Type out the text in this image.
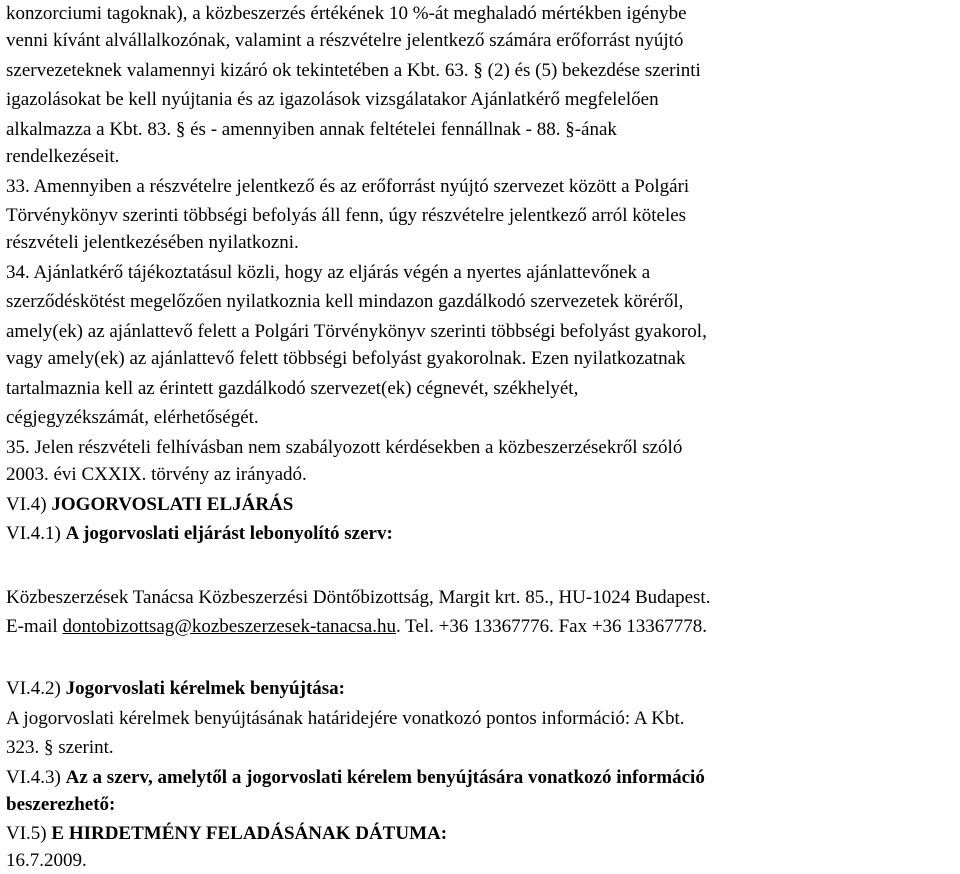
konzorciumi tagoknak), a közbeszerzés értékének 10 %-át meghaladó mértékben igénybe
venni kívánt alvállalkozónak, valamint a részvételre jelentkező számára erőforrást nyújtó
szervezeteknek valamennyi kizáró ok tekintetében a Kbt. 63. § (2) és (5) bekezdése szerinti
igazolásokat be kell nyújtania és az igazolások vizsgálatakor Ajánlatkérő megfelelően
alkalmazza a Kbt. 83. § és - amennyiben annak feltételei fennállnak - 88. §-ának
rendelkezéseit.
33. Amennyiben a részvételre jelentkező és az erőforrást nyújtó szervezet között a Polgári
Törvénykönyv szerinti többségi befolyás áll fenn, úgy részvételre jelentkező arról köteles
részvételi jelentkezésében nyilatkozni.
34. Ajánlatkérő tájékoztatásul közli, hogy az eljárás végén a nyertes ajánlattevőnek a
szerződéskötést megelőzően nyilatkoznia kell mindazon gazdálkodó szervezetek köréről,
amely(ek) az ajánlattevő felett a Polgári Törvénykönyv szerinti többségi befolyást gyakorol,
vagy amely(ek) az ajánlattevő felett többségi befolyást gyakorolnak. Ezen nyilatkozatnak
tartalmaznia kell az érintett gazdálkodó szervezet(ek) cégnevét, székhelyét,
cégjegyzékszámát, elérhetőségét.
35. Jelen részvételi felhívásban nem szabályozott kérdésekben a közbeszerzésekről szóló
2003. évi CXXIX. törvény az irányadó.
VI.4) JOGORVOSLATI ELJÁRÁS
VI.4.1) A jogorvoslati eljárást lebonyolító szerv:
Közbeszerzések Tanácsa Közbeszerzési Döntőbizottság, Margit krt. 85., HU-1024 Budapest.
E-mail dontobizottsag@kozbeszerzesek-tanacsa.hu. Tel. +36 13367776. Fax +36 13367778.
VI.4.2) Jogorvoslati kérelmek benyújtása:
A jogorvoslati kérelmek benyújtásának határidejére vonatkozó pontos információ: A Kbt.
323. § szerint.
VI.4.3) Az a szerv, amelytől a jogorvoslati kérelem benyújtására vonatkozó információ
beszerezhető:
VI.5) E HIRDETMÉNY FELADÁSÁNAK DÁTUMA:
16.7.2009.
